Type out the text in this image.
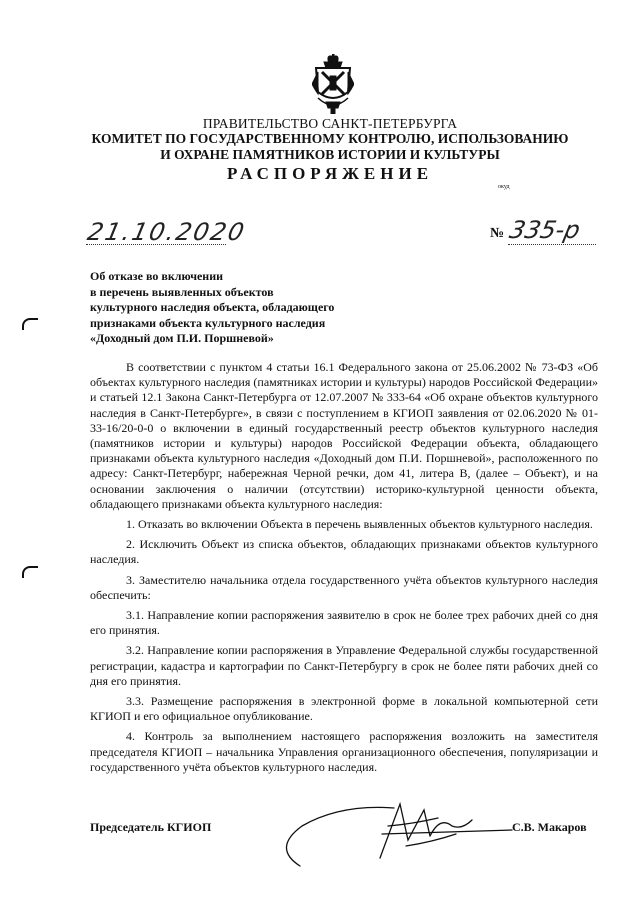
ПРАВИТЕЛЬСТВО САНКТ-ПЕТЕРБУРГА
КОМИТЕТ ПО ГОСУДАРСТВЕННОМУ КОНТРОЛЮ, ИСПОЛЬЗОВАНИЮ
И ОХРАНЕ ПАМЯТНИКОВ ИСТОРИИ И КУЛЬТУРЫ
РАСПОРЯЖЕНИЕ
окуд
21.10.2020	№ 335-р
Об отказе во включении
в перечень выявленных объектов
культурного наследия объекта, обладающего
признаками объекта культурного наследия
«Доходный дом П.И. Поршневой»

В соответствии с пунктом 4 статьи 16.1 Федерального закона от 25.06.2002 № 73-ФЗ «Об объектах культурного наследия (памятниках истории и культуры) народов Российской Федерации» и статьей 12.1 Закона Санкт-Петербурга от 12.07.2007 № 333-64 «Об охране объектов культурного наследия в Санкт-Петербурге», в связи с поступлением в КГИОП заявления от 02.06.2020 № 01-33-16/20-0-0 о включении в единый государственный реестр объектов культурного наследия (памятников истории и культуры) народов Российской Федерации объекта, обладающего признаками объекта культурного наследия «Доходный дом П.И. Поршневой», расположенного по адресу: Санкт-Петербург, набережная Черной речки, дом 41, литера В, (далее – Объект), и на основании заключения о наличии (отсутствии) историко-культурной ценности объекта, обладающего признаками объекта культурного наследия:

1. Отказать во включении Объекта в перечень выявленных объектов культурного наследия.

2. Исключить Объект из списка объектов, обладающих признаками объектов культурного наследия.

3. Заместителю начальника отдела государственного учёта объектов культурного наследия обеспечить:

3.1. Направление копии распоряжения заявителю в срок не более трех рабочих дней со дня его принятия.

3.2. Направление копии распоряжения в Управление Федеральной службы государственной регистрации, кадастра и картографии по Санкт-Петербургу в срок не более пяти рабочих дней со дня его принятия.

3.3. Размещение распоряжения в электронной форме в локальной компьютерной сети КГИОП и его официальное опубликование.

4. Контроль за выполнением настоящего распоряжения возложить на заместителя председателя КГИОП – начальника Управления организационного обеспечения, популяризации и государственного учёта объектов культурного наследия.

Председатель КГИОП	С.В. Макаров
